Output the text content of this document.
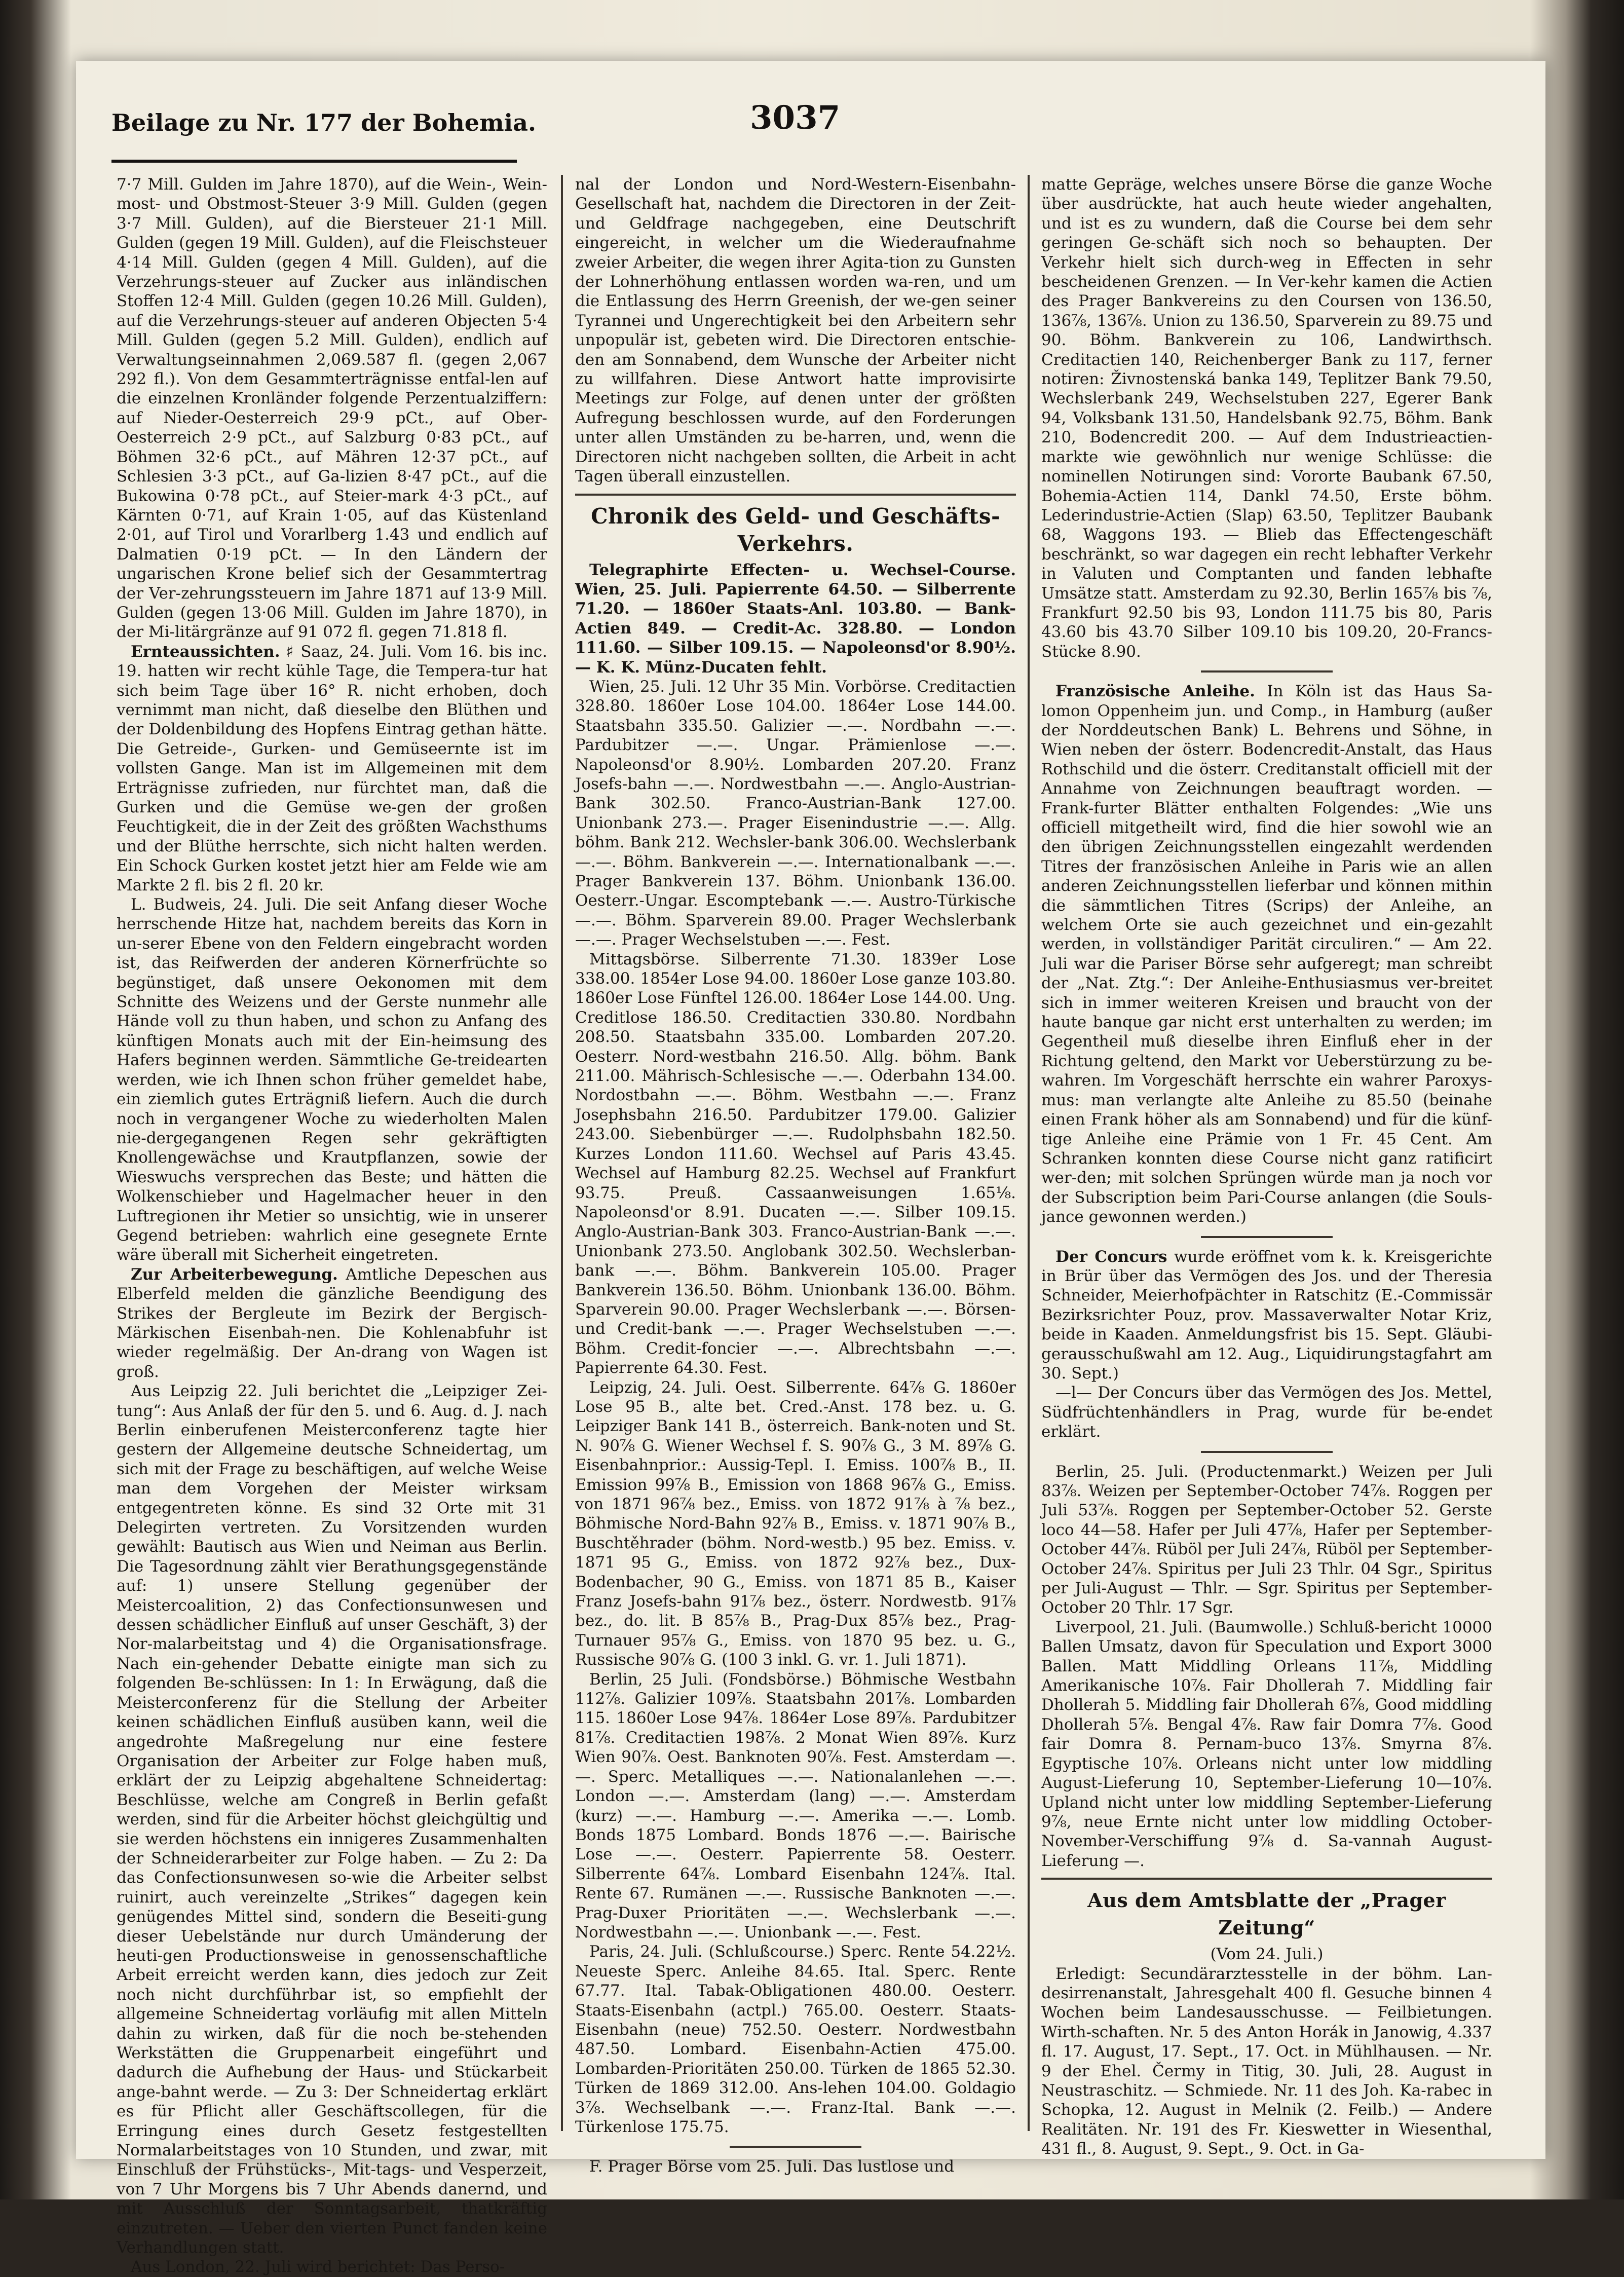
Beilage zu Nr. 177 der Bohemia.	3037

7·7 Mill. Gulden im Jahre 1870), auf die Wein-, Wein-most- und Obstmost-Steuer 3·9 Mill. Gulden (gegen 3·7 Mill. Gulden), auf die Biersteuer 21·1 Mill. Gulden (gegen 19 Mill. Gulden), auf die Fleischsteuer 4·14 Mill. Gulden (gegen 4 Mill. Gulden), auf die Verzehrungs-steuer auf Zucker aus inländischen Stoffen 12·4 Mill. Gulden (gegen 10.26 Mill. Gulden), auf die Verzehrungs-steuer auf anderen Objecten 5·4 Mill. Gulden (gegen 5.2 Mill. Gulden), endlich auf Verwaltungseinnahmen 2,069.587 fl. (gegen 2,067 292 fl.). Von dem Gesammterträgnisse entfal-len auf die einzelnen Kronländer folgende Perzentualziffern: auf Nieder-Oesterreich 29·9 pCt., auf Ober-Oesterreich 2·9 pCt., auf Salzburg 0·83 pCt., auf Böhmen 32·6 pCt., auf Mähren 12·37 pCt., auf Schlesien 3·3 pCt., auf Ga-lizien 8·47 pCt., auf die Bukowina 0·78 pCt., auf Steier-mark 4·3 pCt., auf Kärnten 0·71, auf Krain 1·05, auf das Küstenland 2·01, auf Tirol und Vorarlberg 1.43 und endlich auf Dalmatien 0·19 pCt. — In den Ländern der ungarischen Krone belief sich der Gesammtertrag der Ver-zehrungssteuern im Jahre 1871 auf 13·9 Mill. Gulden (gegen 13·06 Mill. Gulden im Jahre 1870), in der Mi-litärgränze auf 91 072 fl. gegen 71.818 fl.

Ernteaussichten. ♯ Saaz, 24. Juli. Vom 16. bis inc. 19. hatten wir recht kühle Tage, die Tempera-tur hat sich beim Tage über 16° R. nicht erhoben, doch vernimmt man nicht, daß dieselbe den Blüthen und der Doldenbildung des Hopfens Eintrag gethan hätte. Die Getreide-, Gurken- und Gemüseernte ist im vollsten Gange. Man ist im Allgemeinen mit dem Erträgnisse zufrieden, nur fürchtet man, daß die Gurken und die Gemüse we-gen der großen Feuchtigkeit, die in der Zeit des größten Wachsthums und der Blüthe herrschte, sich nicht halten werden. Ein Schock Gurken kostet jetzt hier am Felde wie am Markte 2 fl. bis 2 fl. 20 kr.

L. Budweis, 24. Juli. Die seit Anfang dieser Woche herrschende Hitze hat, nachdem bereits das Korn in un-serer Ebene von den Feldern eingebracht worden ist, das Reifwerden der anderen Körnerfrüchte so begünstiget, daß unsere Oekonomen mit dem Schnitte des Weizens und der Gerste nunmehr alle Hände voll zu thun haben, und schon zu Anfang des künftigen Monats auch mit der Ein-heimsung des Hafers beginnen werden. Sämmtliche Ge-treidearten werden, wie ich Ihnen schon früher gemeldet habe, ein ziemlich gutes Erträgniß liefern. Auch die durch noch in vergangener Woche zu wiederholten Malen nie-dergegangenen Regen sehr gekräftigten Knollengewächse und Krautpflanzen, sowie der Wieswuchs versprechen das Beste; und hätten die Wolkenschieber und Hagelmacher heuer in den Luftregionen ihr Metier so unsichtig, wie in unserer Gegend betrieben: wahrlich eine gesegnete Ernte wäre überall mit Sicherheit eingetreten.

Zur Arbeiterbewegung. Amtliche Depeschen aus Elberfeld melden die gänzliche Beendigung des Strikes der Bergleute im Bezirk der Bergisch-Märkischen Eisenbah-nen. Die Kohlenabfuhr ist wieder regelmäßig. Der An-drang von Wagen ist groß.

Aus Leipzig 22. Juli berichtet die „Leipziger Zei-tung“: Aus Anlaß der für den 5. und 6. Aug. d. J. nach Berlin einberufenen Meisterconferenz tagte hier gestern der Allgemeine deutsche Schneidertag, um sich mit der Frage zu beschäftigen, auf welche Weise man dem Vorgehen der Meister wirksam entgegentreten könne. Es sind 32 Orte mit 31 Delegirten vertreten. Zu Vorsitzenden wurden gewählt: Bautisch aus Wien und Neiman aus Berlin. Die Tagesordnung zählt vier Berathungsgegenstände auf: 1) unsere Stellung gegenüber der Meistercoalition, 2) das Confectionsunwesen und dessen schädlicher Einfluß auf unser Geschäft, 3) der Nor-malarbeitstag und 4) die Organisationsfrage. Nach ein-gehender Debatte einigte man sich zu folgenden Be-schlüssen: In 1: In Erwägung, daß die Meisterconferenz für die Stellung der Arbeiter keinen schädlichen Einfluß ausüben kann, weil die angedrohte Maßregelung nur eine festere Organisation der Arbeiter zur Folge haben muß, erklärt der zu Leipzig abgehaltene Schneidertag: Beschlüsse, welche am Congreß in Berlin gefaßt werden, sind für die Arbeiter höchst gleichgültig und sie werden höchstens ein innigeres Zusammenhalten der Schneiderarbeiter zur Folge haben. — Zu 2: Da das Confectionsunwesen so-wie die Arbeiter selbst ruinirt, auch vereinzelte „Strikes“ dagegen kein genügendes Mittel sind, sondern die Beseiti-gung dieser Uebelstände nur durch Umänderung der heuti-gen Productionsweise in genossenschaftliche Arbeit erreicht werden kann, dies jedoch zur Zeit noch nicht durchführbar ist, so empfiehlt der allgemeine Schneidertag vorläufig mit allen Mitteln dahin zu wirken, daß für die noch be-stehenden Werkstätten die Gruppenarbeit eingeführt und dadurch die Aufhebung der Haus- und Stückarbeit ange-bahnt werde. — Zu 3: Der Schneidertag erklärt es für Pflicht aller Geschäftscollegen, für die Erringung eines durch Gesetz festgestellten Normalarbeitstages von 10 Stunden, und zwar, mit Einschluß der Frühstücks-, Mit-tags- und Vesperzeit, von 7 Uhr Morgens bis 7 Uhr Abends danernd, und mit Ausschluß der Sonntagsarbeit, thatkräftig einzutreten. — Ueber den vierten Punct fanden keine Verhandlungen statt.

Aus London, 22. Juli wird berichtet: Das Perso-

nal der London und Nord-Western-Eisenbahn-Gesellschaft hat, nachdem die Directoren in der Zeit- und Geldfrage nachgegeben, eine Deutschrift eingereicht, in welcher um die Wiederaufnahme zweier Arbeiter, die wegen ihrer Agita-tion zu Gunsten der Lohnerhöhung entlassen worden wa-ren, und um die Entlassung des Herrn Greenish, der we-gen seiner Tyrannei und Ungerechtigkeit bei den Arbeitern sehr unpopulär ist, gebeten wird. Die Directoren entschie-den am Sonnabend, dem Wunsche der Arbeiter nicht zu willfahren. Diese Antwort hatte improvisirte Meetings zur Folge, auf denen unter der größten Aufregung beschlossen wurde, auf den Forderungen unter allen Umständen zu be-harren, und, wenn die Directoren nicht nachgeben sollten, die Arbeit in acht Tagen überall einzustellen.

Chronik des Geld- und Geschäfts-Verkehrs.

Telegraphirte Effecten- u. Wechsel-Course. Wien, 25. Juli. Papierrente 64.50. — Silberrente 71.20. — 1860er Staats-Anl. 103.80. — Bank-Actien 849. — Credit-Ac. 328.80. — London 111.60. — Silber 109.15. — Napoleonsd'or 8.90½. — K. K. Münz-Ducaten fehlt.

Wien, 25. Juli. 12 Uhr 35 Min. Vorbörse. Creditactien 328.80. 1860er Lose 104.00. 1864er Lose 144.00. Staatsbahn 335.50. Galizier —.—. Nordbahn —.—. Pardubitzer —.—. Ungar. Prämienlose —.—. Napoleonsd'or 8.90½. Lombarden 207.20. Franz Josefs-bahn —.—. Nordwestbahn —.—. Anglo-Austrian-Bank 302.50. Franco-Austrian-Bank 127.00. Unionbank 273.—. Prager Eisenindustrie —.—. Allg. böhm. Bank 212. Wechsler-bank 306.00. Wechslerbank —.—. Böhm. Bankverein —.—. Internationalbank —.—. Prager Bankverein 137. Böhm. Unionbank 136.00. Oesterr.-Ungar. Escomptebank —.—. Austro-Türkische —.—. Böhm. Sparverein 89.00. Prager Wechslerbank —.—. Prager Wechselstuben —.—. Fest.

Mittagsbörse. Silberrente 71.30. 1839er Lose 338.00. 1854er Lose 94.00. 1860er Lose ganze 103.80. 1860er Lose Fünftel 126.00. 1864er Lose 144.00. Ung. Creditlose 186.50. Creditactien 330.80. Nordbahn 208.50. Staatsbahn 335.00. Lombarden 207.20. Oesterr. Nord-westbahn 216.50. Allg. böhm. Bank 211.00. Mährisch-Schlesische —.—. Oderbahn 134.00. Nordostbahn —.—. Böhm. Westbahn —.—. Franz Josephsbahn 216.50. Pardubitzer 179.00. Galizier 243.00. Siebenbürger —.—. Rudolphsbahn 182.50. Kurzes London 111.60. Wechsel auf Paris 43.45. Wechsel auf Hamburg 82.25. Wechsel auf Frankfurt 93.75. Preuß. Cassaanweisungen 1.65⅛. Napoleonsd'or 8.91. Ducaten —.—. Silber 109.15. Anglo-Austrian-Bank 303. Franco-Austrian-Bank —.—. Unionbank 273.50. Anglobank 302.50. Wechslerban-bank —.—. Böhm. Bankverein 105.00. Prager Bankverein 136.50. Böhm. Unionbank 136.00. Böhm. Sparverein 90.00. Prager Wechslerbank —.—. Börsen- und Credit-bank —.—. Prager Wechselstuben —.—. Böhm. Credit-foncier —.—. Albrechtsbahn —.—. Papierrente 64.30. Fest.

Leipzig, 24. Juli. Oest. Silberrente. 64⅞ G. 1860er Lose 95 B., alte bet. Cred.-Anst. 178 bez. u. G. Leipziger Bank 141 B., österreich. Bank-noten und St. N. 90⅞ G. Wiener Wechsel f. S. 90⅞ G., 3 M. 89⅞ G. Eisenbahnprior.: Aussig-Tepl. I. Emiss. 100⅞ B., II. Emission 99⅞ B., Emission von 1868 96⅞ G., Emiss. von 1871 96⅞ bez., Emiss. von 1872 91⅞ à ⅞ bez., Böhmische Nord-Bahn 92⅞ B., Emiss. v. 1871 90⅞ B., Buschtěhrader (böhm. Nord-westb.) 95 bez. Emiss. v. 1871 95 G., Emiss. von 1872 92⅞ bez., Dux-Bodenbacher, 90 G., Emiss. von 1871 85 B., Kaiser Franz Josefs-bahn 91⅞ bez., österr. Nordwestb. 91⅞ bez., do. lit. B 85⅞ B., Prag-Dux 85⅞ bez., Prag-Turnauer 95⅞ G., Emiss. von 1870 95 bez. u. G., Russische 90⅞ G. (100 3 inkl. G. vr. 1. Juli 1871).

Berlin, 25 Juli. (Fondsbörse.) Böhmische Westbahn 112⅞. Galizier 109⅞. Staatsbahn 201⅞. Lombarden 115. 1860er Lose 94⅞. 1864er Lose 89⅞. Pardubitzer 81⅞. Creditactien 198⅞. 2 Monat Wien 89⅞. Kurz Wien 90⅞. Oest. Banknoten 90⅞. Fest. Amsterdam —.—. Sperc. Metalliques —.—. Nationalanlehen —.—. London —.—. Amsterdam (lang) —.—. Amsterdam (kurz) —.—. Hamburg —.—. Amerika —.—. Lomb. Bonds 1875 Lombard. Bonds 1876 —.—. Bairische Lose —.—. Oesterr. Papierrente 58. Oesterr. Silberrente 64⅞. Lombard Eisenbahn 124⅞. Ital. Rente 67. Rumänen —.—. Russische Banknoten —.—. Prag-Duxer Prioritäten —.—. Wechslerbank —.—. Nordwestbahn —.—. Unionbank —.—. Fest.

Paris, 24. Juli. (Schlußcourse.) Sperc. Rente 54.22½. Neueste Sperc. Anleihe 84.65. Ital. Sperc. Rente 67.77. Ital. Tabak-Obligationen 480.00. Oesterr. Staats-Eisenbahn (actpl.) 765.00. Oesterr. Staats-Eisenbahn (neue) 752.50. Oesterr. Nordwestbahn 487.50. Lombard. Eisenbahn-Actien 475.00. Lombarden-Prioritäten 250.00. Türken de 1865 52.30. Türken de 1869 312.00. Ans-lehen 104.00. Goldagio 3⅞. Wechselbank —.—. Franz-Ital. Bank —.—. Türkenlose 175.75.

F. Prager Börse vom 25. Juli. Das lustlose und

matte Gepräge, welches unsere Börse die ganze Woche über ausdrückte, hat auch heute wieder angehalten, und ist es zu wundern, daß die Course bei dem sehr geringen Ge-schäft sich noch so behaupten. Der Verkehr hielt sich durch-weg in Effecten in sehr bescheidenen Grenzen. — In Ver-kehr kamen die Actien des Prager Bankvereins zu den Coursen von 136.50, 136⅞, 136⅞. Union zu 136.50, Sparverein zu 89.75 und 90. Böhm. Bankverein zu 106, Landwirthsch. Creditactien 140, Reichenberger Bank zu 117, ferner notiren: Živnostenská banka 149, Teplitzer Bank 79.50, Wechslerbank 249, Wechselstuben 227, Egerer Bank 94, Volksbank 131.50, Handelsbank 92.75, Böhm. Bank 210, Bodencredit 200. — Auf dem Industrieactien-markte wie gewöhnlich nur wenige Schlüsse: die nominellen Notirungen sind: Vororte Baubank 67.50, Bohemia-Actien 114, Dankl 74.50, Erste böhm. Lederindustrie-Actien (Slap) 63.50, Teplitzer Baubank 68, Waggons 193. — Blieb das Effectengeschäft beschränkt, so war dagegen ein recht lebhafter Verkehr in Valuten und Comptanten und fanden lebhafte Umsätze statt. Amsterdam zu 92.30, Berlin 165⅞ bis ⅞, Frankfurt 92.50 bis 93, London 111.75 bis 80, Paris 43.60 bis 43.70 Silber 109.10 bis 109.20, 20-Francs-Stücke 8.90.

Französische Anleihe. In Köln ist das Haus Sa-lomon Oppenheim jun. und Comp., in Hamburg (außer der Norddeutschen Bank) L. Behrens und Söhne, in Wien neben der österr. Bodencredit-Anstalt, das Haus Rothschild und die österr. Creditanstalt officiell mit der Annahme von Zeichnungen beauftragt worden. — Frank-furter Blätter enthalten Folgendes: „Wie uns officiell mitgetheilt wird, find die hier sowohl wie an den übrigen Zeichnungsstellen eingezahlt werdenden Titres der französischen Anleihe in Paris wie an allen anderen Zeichnungsstellen lieferbar und können mithin die sämmtlichen Titres (Scrips) der Anleihe, an welchem Orte sie auch gezeichnet und ein-gezahlt werden, in vollständiger Parität circuliren.“ — Am 22. Juli war die Pariser Börse sehr aufgeregt; man schreibt der „Nat. Ztg.“: Der Anleihe-Enthusiasmus ver-breitet sich in immer weiteren Kreisen und braucht von der haute banque gar nicht erst unterhalten zu werden; im Gegentheil muß dieselbe ihren Einfluß eher in der Richtung geltend, den Markt vor Ueberstürzung zu be-wahren. Im Vorgeschäft herrschte ein wahrer Paroxys-mus: man verlangte alte Anleihe zu 85.50 (beinahe einen Frank höher als am Sonnabend) und für die künf-tige Anleihe eine Prämie von 1 Fr. 45 Cent. Am Schranken konnten diese Course nicht ganz ratificirt wer-den; mit solchen Sprüngen würde man ja noch vor der Subscription beim Pari-Course anlangen (die Souls-jance gewonnen werden.)

Der Concurs wurde eröffnet vom k. k. Kreisgerichte in Brür über das Vermögen des Jos. und der Theresia Schneider, Meierhofpächter in Ratschitz (E.-Commissär Bezirksrichter Pouz, prov. Massaverwalter Notar Kriz, beide in Kaaden. Anmeldungsfrist bis 15. Sept. Gläubi-gerausschußwahl am 12. Aug., Liquidirungstagfahrt am 30. Sept.)

—l— Der Concurs über das Vermögen des Jos. Mettel, Südfrüchtenhändlers in Prag, wurde für be-endet erklärt.

Berlin, 25. Juli. (Productenmarkt.) Weizen per Juli 83⅞. Weizen per September-October 74⅞. Roggen per Juli 53⅞. Roggen per September-October 52. Gerste loco 44—58. Hafer per Juli 47⅞, Hafer per September-October 44⅞. Rüböl per Juli 24⅞, Rüböl per September-October 24⅞. Spiritus per Juli 23 Thlr. 04 Sgr., Spiritus per Juli-August — Thlr. — Sgr. Spiritus per September-October 20 Thlr. 17 Sgr.

Liverpool, 21. Juli. (Baumwolle.) Schluß-bericht 10000 Ballen Umsatz, davon für Speculation und Export 3000 Ballen. Matt Middling Orleans 11⅞, Middling Amerikanische 10⅞. Fair Dhollerah 7. Middling fair Dhollerah 5. Middling fair Dhollerah 6⅞, Good middling Dhollerah 5⅞. Bengal 4⅞. Raw fair Domra 7⅞. Good fair Domra 8. Pernam-buco 13⅞. Smyrna 8⅞. Egyptische 10⅞. Orleans nicht unter low middling August-Lieferung 10, September-Lieferung 10—10⅞. Upland nicht unter low middling September-Lieferung 9⅞, neue Ernte nicht unter low middling October-November-Verschiffung 9⅞ d. Sa-vannah August-Lieferung —.

Aus dem Amtsblatte der „Prager Zeitung“

(Vom 24. Juli.)

Erledigt: Secundärarztesstelle in der böhm. Lan-desirrenanstalt, Jahresgehalt 400 fl. Gesuche binnen 4 Wochen beim Landesausschusse. — Feilbietungen. Wirth-schaften. Nr. 5 des Anton Horák in Janowig, 4.337 fl. 17. August, 17. Sept., 17. Oct. in Mühlhausen. — Nr. 9 der Ehel. Čermy in Titig, 30. Juli, 28. August in Neustraschitz. — Schmiede. Nr. 11 des Joh. Ka-rabec in Schopka, 12. August in Melnik (2. Feilb.) — Andere Realitäten. Nr. 191 des Fr. Kieswetter in Wiesenthal, 431 fl., 8. August, 9. Sept., 9. Oct. in Ga-
